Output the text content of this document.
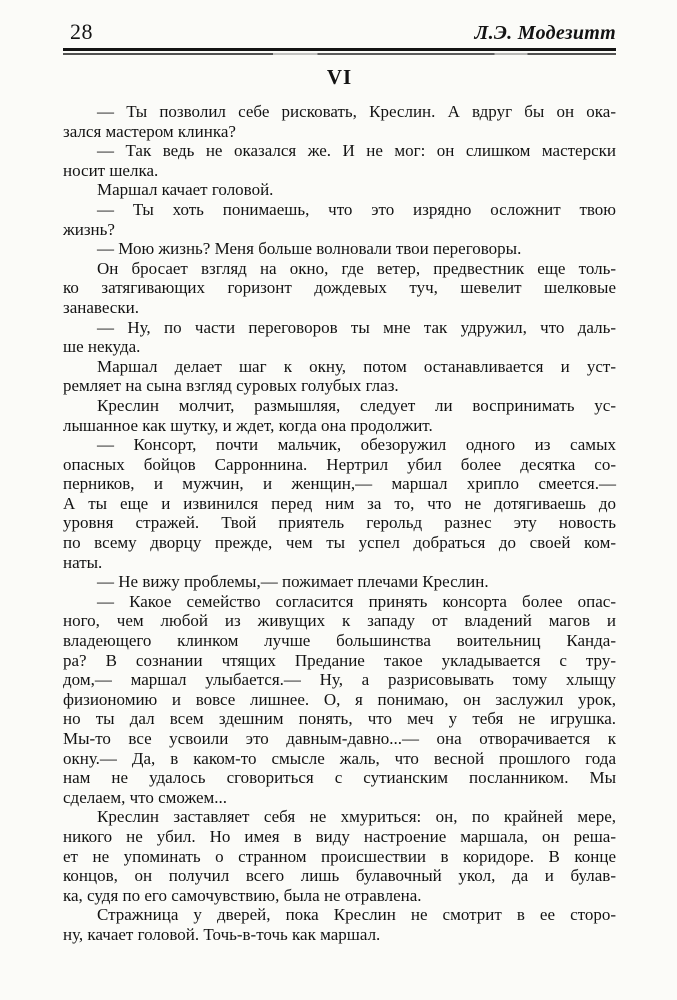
28	Л.Э. Модезитт
VI

— Ты позволил себе рисковать, Креслин. А вдруг бы он ока-
зался мастером клинка?

— Так ведь не оказался же. И не мог: он слишком мастерски
носит шелка.

Маршал качает головой.

— Ты хоть понимаешь, что это изрядно осложнит твою
жизнь?

— Мою жизнь? Меня больше волновали твои переговоры.

Он бросает взгляд на окно, где ветер, предвестник еще толь-
ко затягивающих горизонт дождевых туч, шевелит шелковые
занавески.

— Ну, по части переговоров ты мне так удружил, что даль-
ше некуда.

Маршал делает шаг к окну, потом останавливается и уст-
ремляет на сына взгляд суровых голубых глаз.

Креслин молчит, размышляя, следует ли воспринимать ус-
лышанное как шутку, и ждет, когда она продолжит.

— Консорт, почти мальчик, обезоружил одного из самых
опасных бойцов Сарроннина. Нертрил убил более десятка со-
перников, и мужчин, и женщин,— маршал хрипло смеется.—
А ты еще и извинился перед ним за то, что не дотягиваешь до
уровня стражей. Твой приятель герольд разнес эту новость
по всему дворцу прежде, чем ты успел добраться до своей ком-
наты.

— Не вижу проблемы,— пожимает плечами Креслин.

— Какое семейство согласится принять консорта более опас-
ного, чем любой из живущих к западу от владений магов и
владеющего клинком лучше большинства воительниц Канда-
ра? В сознании чтящих Предание такое укладывается с тру-
дом,— маршал улыбается.— Ну, а разрисовывать тому хлыщу
физиономию и вовсе лишнее. О, я понимаю, он заслужил урок,
но ты дал всем здешним понять, что меч у тебя не игрушка.
Мы-то все усвоили это давным-давно...— она отворачивается к
окну.— Да, в каком-то смысле жаль, что весной прошлого года
нам не удалось сговориться с сутианским посланником. Мы
сделаем, что сможем...

Креслин заставляет себя не хмуриться: он, по крайней мере,
никого не убил. Но имея в виду настроение маршала, он реша-
ет не упоминать о странном происшествии в коридоре. В конце
концов, он получил всего лишь булавочный укол, да и булав-
ка, судя по его самочувствию, была не отравлена.

Стражница у дверей, пока Креслин не смотрит в ее сторо-
ну, качает головой. Точь-в-точь как маршал.
